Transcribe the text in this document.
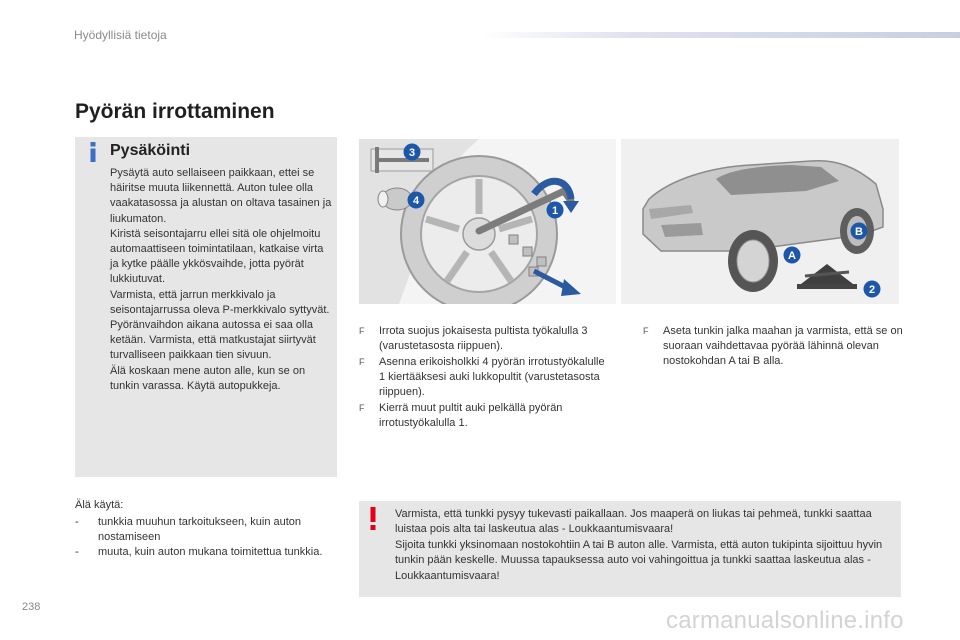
Hyödyllisiä tietoja
Pyörän irrottaminen
Pysäköinti

Pysäytä auto sellaiseen paikkaan, ettei se häiritse muuta liikennettä. Auton tulee olla vaakatasossa ja alustan on oltava tasainen ja liukumaton.

Kiristä seisontajarru ellei sitä ole ohjelmoitu automaattiseen toimintatilaan, katkaise virta ja kytke päälle ykkösvaihde, jotta pyörät lukkiutuvat.

Varmista, että jarrun merkkivalo ja seisontajarrussa oleva P-merkkivalo syttyvät.

Pyöränvaihdon aikana autossa ei saa olla ketään. Varmista, että matkustajat siirtyvät turvalliseen paikkaan tien sivuun.

Älä koskaan mene auton alle, kun se on tunkin varassa. Käytä autopukkeja.

Älä käytä:
- tunkkia muuhun tarkoitukseen, kuin auton nostamiseen
- muuta, kuin auton mukana toimitettua tunkkia.
3
4
1
A
B
2
F Irrota suojus jokaisesta pultista työkalulla 3 (varustetasosta riippuen).
F Asenna erikoisholkki 4 pyörän irrotustyökalulle 1 kiertääksesi auki lukkopultit (varustetasosta riippuen).
F Kierrä muut pultit auki pelkällä pyörän irrotustyökalulla 1.
F Aseta tunkin jalka maahan ja varmista, että se on suoraan vaihdettavaa pyörää lähinnä olevan nostokohdan A tai B alla.

Varmista, että tunkki pysyy tukevasti paikallaan. Jos maaperä on liukas tai pehmeä, tunkki saattaa luistaa pois alta tai laskeutua alas - Loukkaantumisvaara!

Sijoita tunkki yksinomaan nostokohtiin A tai B auton alle. Varmista, että auton tukipinta sijoittuu hyvin tunkin pään keskelle. Muussa tapauksessa auto voi vahingoittua ja tunkki saattaa laskeutua alas - Loukkaantumisvaara!

238	carmanualsonline.info
